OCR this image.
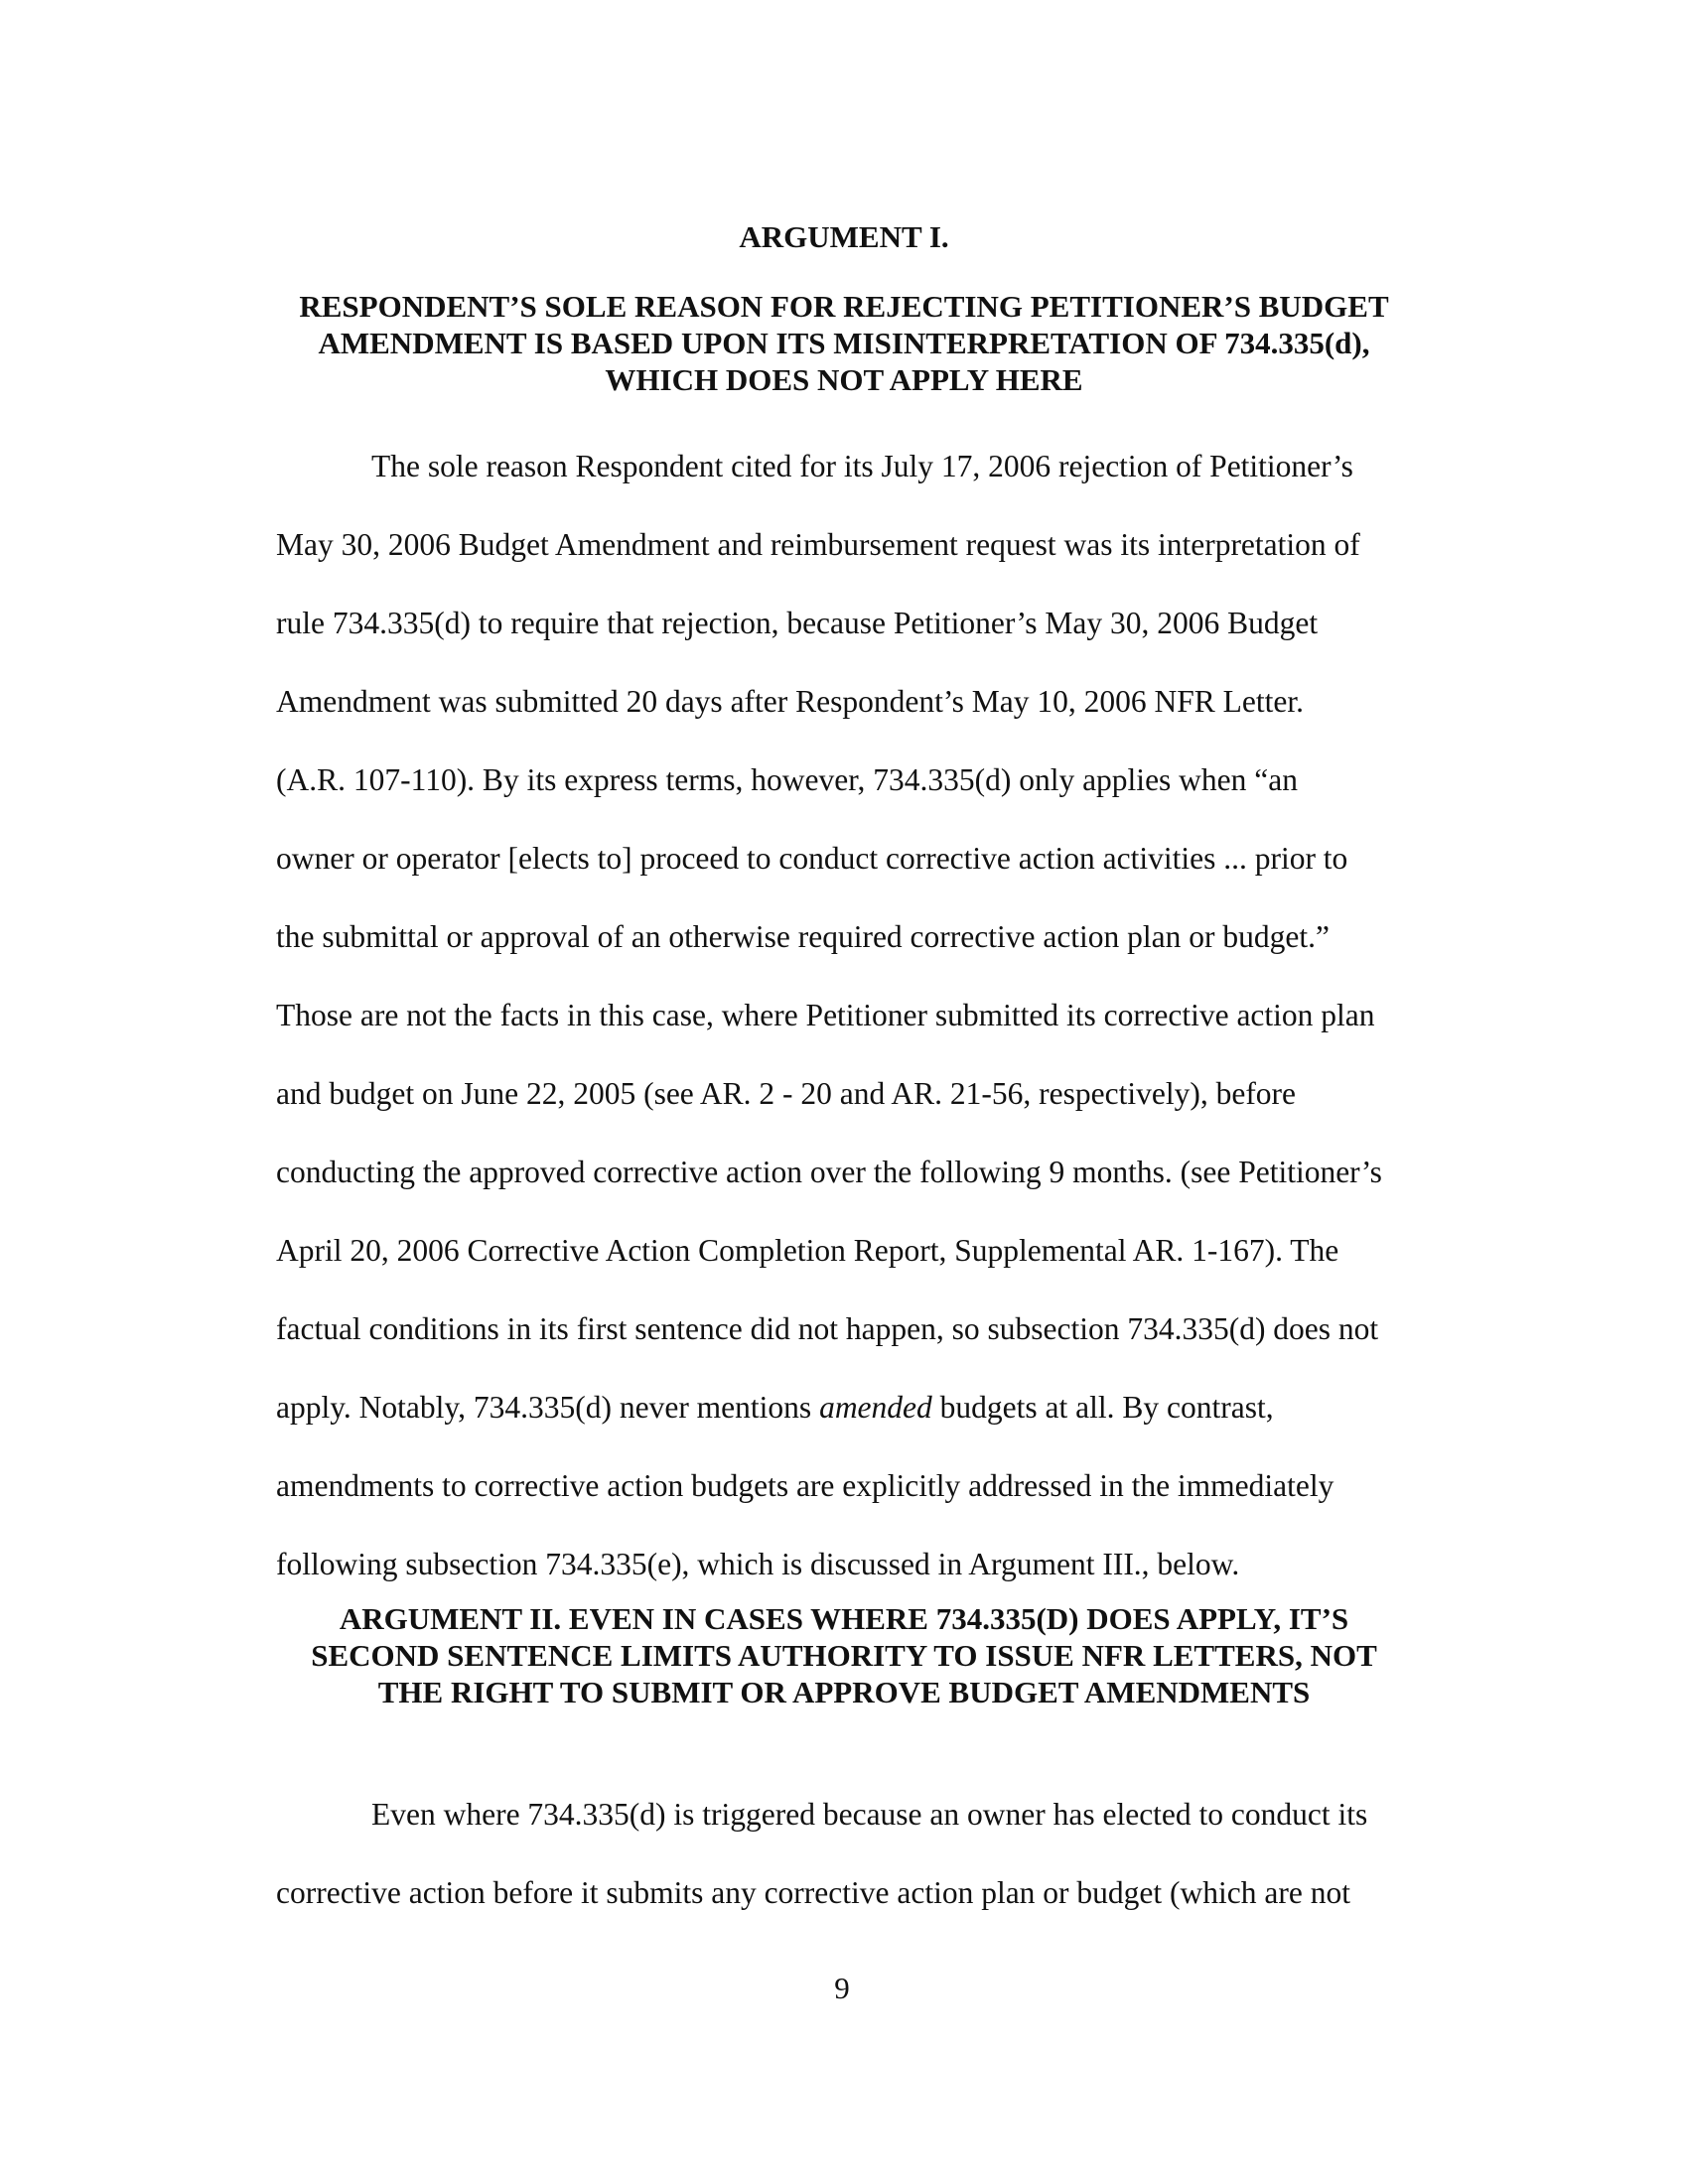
ARGUMENT I.
RESPONDENT’S SOLE REASON FOR REJECTING PETITIONER’S BUDGET
AMENDMENT IS BASED UPON ITS MISINTERPRETATION OF 734.335(d),
WHICH DOES NOT APPLY HERE
The sole reason Respondent cited for its July 17, 2006 rejection of Petitioner’s
May 30, 2006 Budget Amendment and reimbursement request was its interpretation of
rule 734.335(d) to require that rejection, because Petitioner’s May 30, 2006 Budget
Amendment was submitted 20 days after Respondent’s May 10, 2006 NFR Letter.
(A.R. 107-110). By its express terms, however, 734.335(d) only applies when “an
owner or operator [elects to] proceed to conduct corrective action activities ... prior to
the submittal or approval of an otherwise required corrective action plan or budget.”
Those are not the facts in this case, where Petitioner submitted its corrective action plan
and budget on June 22, 2005 (see AR. 2 - 20 and AR. 21-56, respectively), before
conducting the approved corrective action over the following 9 months. (see Petitioner’s
April 20, 2006 Corrective Action Completion Report, Supplemental AR. 1-167). The
factual conditions in its first sentence did not happen, so subsection 734.335(d) does not
apply. Notably, 734.335(d) never mentions amended budgets at all. By contrast,
amendments to corrective action budgets are explicitly addressed in the immediately
following subsection 734.335(e), which is discussed in Argument III., below.
ARGUMENT II. EVEN IN CASES WHERE 734.335(D) DOES APPLY, IT’S
SECOND SENTENCE LIMITS AUTHORITY TO ISSUE NFR LETTERS, NOT
THE RIGHT TO SUBMIT OR APPROVE BUDGET AMENDMENTS
Even where 734.335(d) is triggered because an owner has elected to conduct its
corrective action before it submits any corrective action plan or budget (which are not
9
